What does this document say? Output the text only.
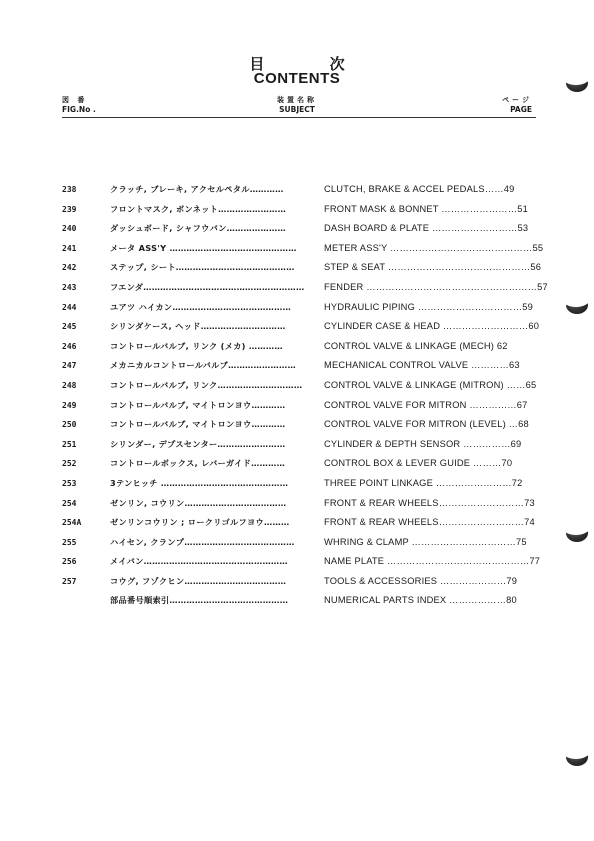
目 次
CONTENTS
図 番
FIG.No .
装置名称
SUBJECT
ページ
PAGE
238	クラッチ, ブレーキ, アクセルペタル…………	CLUTCH, BRAKE & ACCEL PEDALS……49
239	フロントマスク, ボンネット……………………	FRONT MASK & BONNET ……………………51
240	ダッシュボード, シャフウバン…………………	DASH BOARD & PLATE ………………………53
241	メータ ASS'Y ………………………………………	METER ASS'Y ………………………………………55
242	ステップ, シート……………………………………	STEP & SEAT ………………………………………56
243	フエンダ………………………………………………… FENDER ………………………………………………57
244	ユアツ ハイカン……………………………………	HYDRAULIC PIPING ……………………………59
245	シリンダケース, ヘッド…………………………	CYLINDER CASE & HEAD ………………………60
246	コントロールバルブ, リンク (メカ) …………	CONTROL VALVE & LINKAGE (MECH) 62
247	メカニカルコントロールバルブ……………………	MECHANICAL CONTROL VALVE …………63
248	コントロールバルブ, リンク………………………… CONTROL VALVE & LINKAGE (MITRON) ……65
249	コントロールバルブ, マイトロンヨウ…………	CONTROL VALVE FOR MITRON ……………67
250	コントロールバルブ, マイトロンヨウ…………	CONTROL VALVE FOR MITRON (LEVEL) …68
251	シリンダー, デプスセンター……………………	CYLINDER & DEPTH SENSOR ……………69
252	コントロールボックス, レバーガイド…………	CONTROL BOX & LEVER GUIDE ………70
253	3テンヒッチ ………………………………………	THREE POINT LINKAGE ……………………72
254	ゼンリン, コウリン………………………………	FRONT & REAR WHEELS………………………73
254A	ゼンリンコウリン ; ロークリゴルフヨウ………	FRONT & REAR WHEELS………………………74
255	ハイセン, クランプ…………………………………	WHRING & CLAMP ……………………………75
256	メイバン……………………………………………	NAME PLATE ………………………………………77
257	コウグ, フゾクヒン………………………………	TOOLS & ACCESSORIES …………………79
部品番号順索引……………………………………	NUMERICAL PARTS INDEX ………………80
